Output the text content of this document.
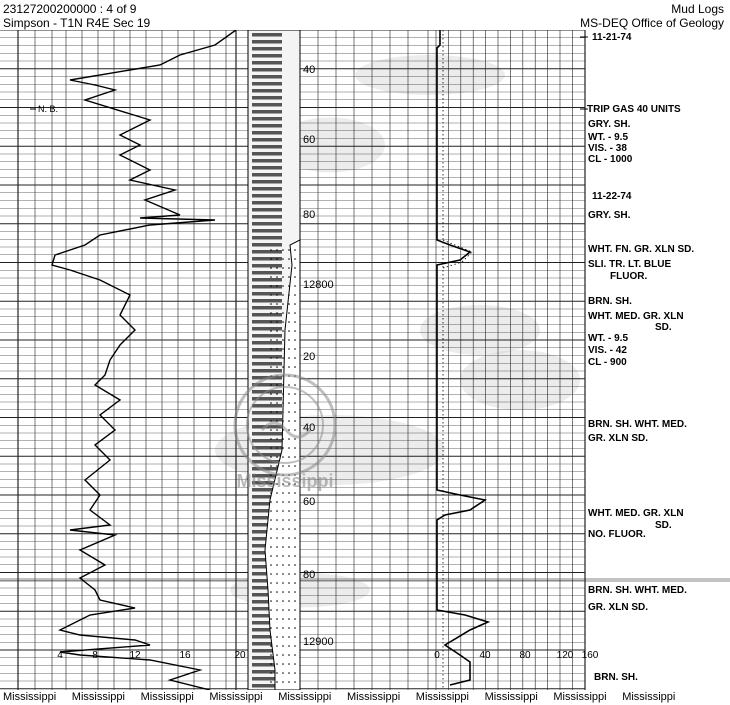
23127200200000 : 4 of 9
Simpson - T1N R4E Sec 19
Mud Logs
MS-DEQ Office of Geology
Mississippi
40
60
80
12800
20
40
60
80
12900
N. B.
4	8	12	16	20	0	40	80	120 160
11-21-74
TRIP GAS 40 UNITS
GRY. SH.
WT. - 9.5
VIS. - 38
CL - 1000
11-22-74
GRY. SH.
WHT. FN. GR. XLN SD.
SLI. TR. LT. BLUE
FLUOR.
BRN. SH.
WHT. MED. GR. XLN
SD.
WT. - 9.5
VIS. - 42
CL - 900
BRN. SH. WHT. MED.
GR. XLN SD.
WHT. MED. GR. XLN
SD.
NO. FLUOR.
BRN. SH. WHT. MED.
GR. XLN SD.
BRN. SH.
Mississippi Mississippi Mississippi Mississippi Mississippi Mississippi Mississippi Mississippi Mississippi Mississippi
